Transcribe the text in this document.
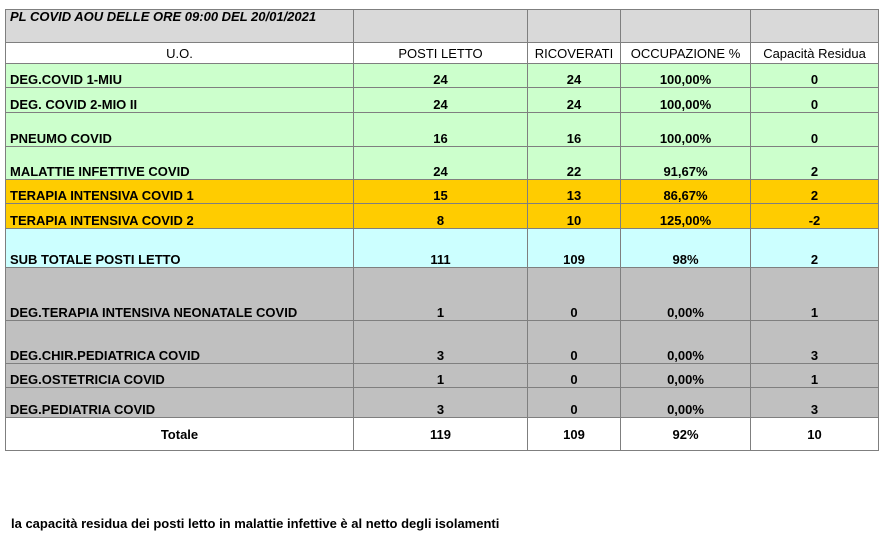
PL COVID AOU DELLE ORE 09:00 DEL 20/01/2021				
U.O.	POSTI LETTO	RICOVERATI	OCCUPAZIONE %	Capacità Residua
DEG.COVID 1-MIU	24	24	100,00%	0
DEG. COVID 2-MIO II	24	24	100,00%	0
PNEUMO COVID	16	16	100,00%	0
MALATTIE INFETTIVE COVID	24	22	91,67%	2
TERAPIA INTENSIVA COVID 1	15	13	86,67%	2
TERAPIA INTENSIVA COVID 2	8	10	125,00%	-2
SUB TOTALE POSTI LETTO	111	109	98%	2
DEG.TERAPIA INTENSIVA NEONATALE COVID	1	0	0,00%	1
DEG.CHIR.PEDIATRICA COVID	3	0	0,00%	3
DEG.OSTETRICIA COVID	1	0	0,00%	1
DEG.PEDIATRIA COVID	3	0	0,00%	3
Totale	119	109	92%	10
la capacità residua dei posti letto in malattie infettive è al netto degli isolamenti
